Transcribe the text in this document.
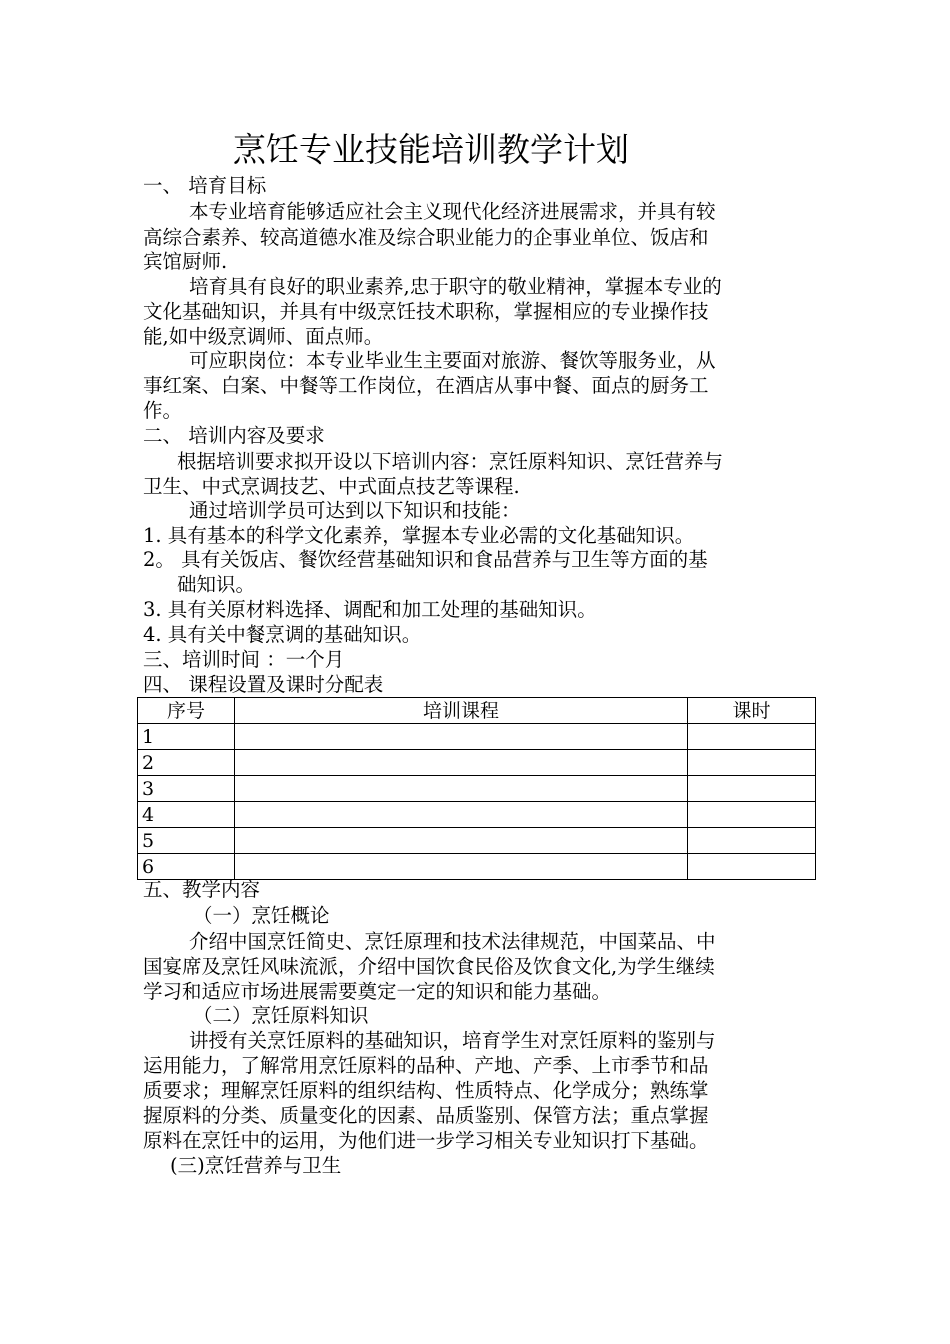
烹饪专业技能培训教学计划
一、 培育目标
本专业培育能够适应社会主义现代化经济进展需求，并具有较
高综合素养、较高道德水准及综合职业能力的企事业单位、饭店和
宾馆厨师.
培育具有良好的职业素养,忠于职守的敬业精神，掌握本专业的
文化基础知识，并具有中级烹饪技术职称，掌握相应的专业操作技
能,如中级烹调师、面点师。
可应职岗位：本专业毕业生主要面对旅游、餐饮等服务业，从
事红案、白案、中餐等工作岗位，在酒店从事中餐、面点的厨务工
作。
二、 培训内容及要求
根据培训要求拟开设以下培训内容：烹饪原料知识、烹饪营养与
卫生、中式烹调技艺、中式面点技艺等课程.
通过培训学员可达到以下知识和技能：
1. 具有基本的科学文化素养，掌握本专业必需的文化基础知识。
2。 具有关饭店、餐饮经营基础知识和食品营养与卫生等方面的基
础知识。
3. 具有关原材料选择、调配和加工处理的基础知识。
4. 具有关中餐烹调的基础知识。
三、培训时间 ：一个月
四、 课程设置及课时分配表
序号	培训课程	课时
1		
2		
3		
4		
5		
6		
五、教学内容
（一）烹饪概论
介绍中国烹饪简史、烹饪原理和技术法律规范，中国菜品、中
国宴席及烹饪风味流派，介绍中国饮食民俗及饮食文化,为学生继续
学习和适应市场进展需要奠定一定的知识和能力基础。
（二）烹饪原料知识
讲授有关烹饪原料的基础知识，培育学生对烹饪原料的鉴别与
运用能力，了解常用烹饪原料的品种、产地、产季、上市季节和品
质要求；理解烹饪原料的组织结构、性质特点、化学成分；熟练掌
握原料的分类、质量变化的因素、品质鉴别、保管方法；重点掌握
原料在烹饪中的运用，为他们进一步学习相关专业知识打下基础。
(三)烹饪营养与卫生
